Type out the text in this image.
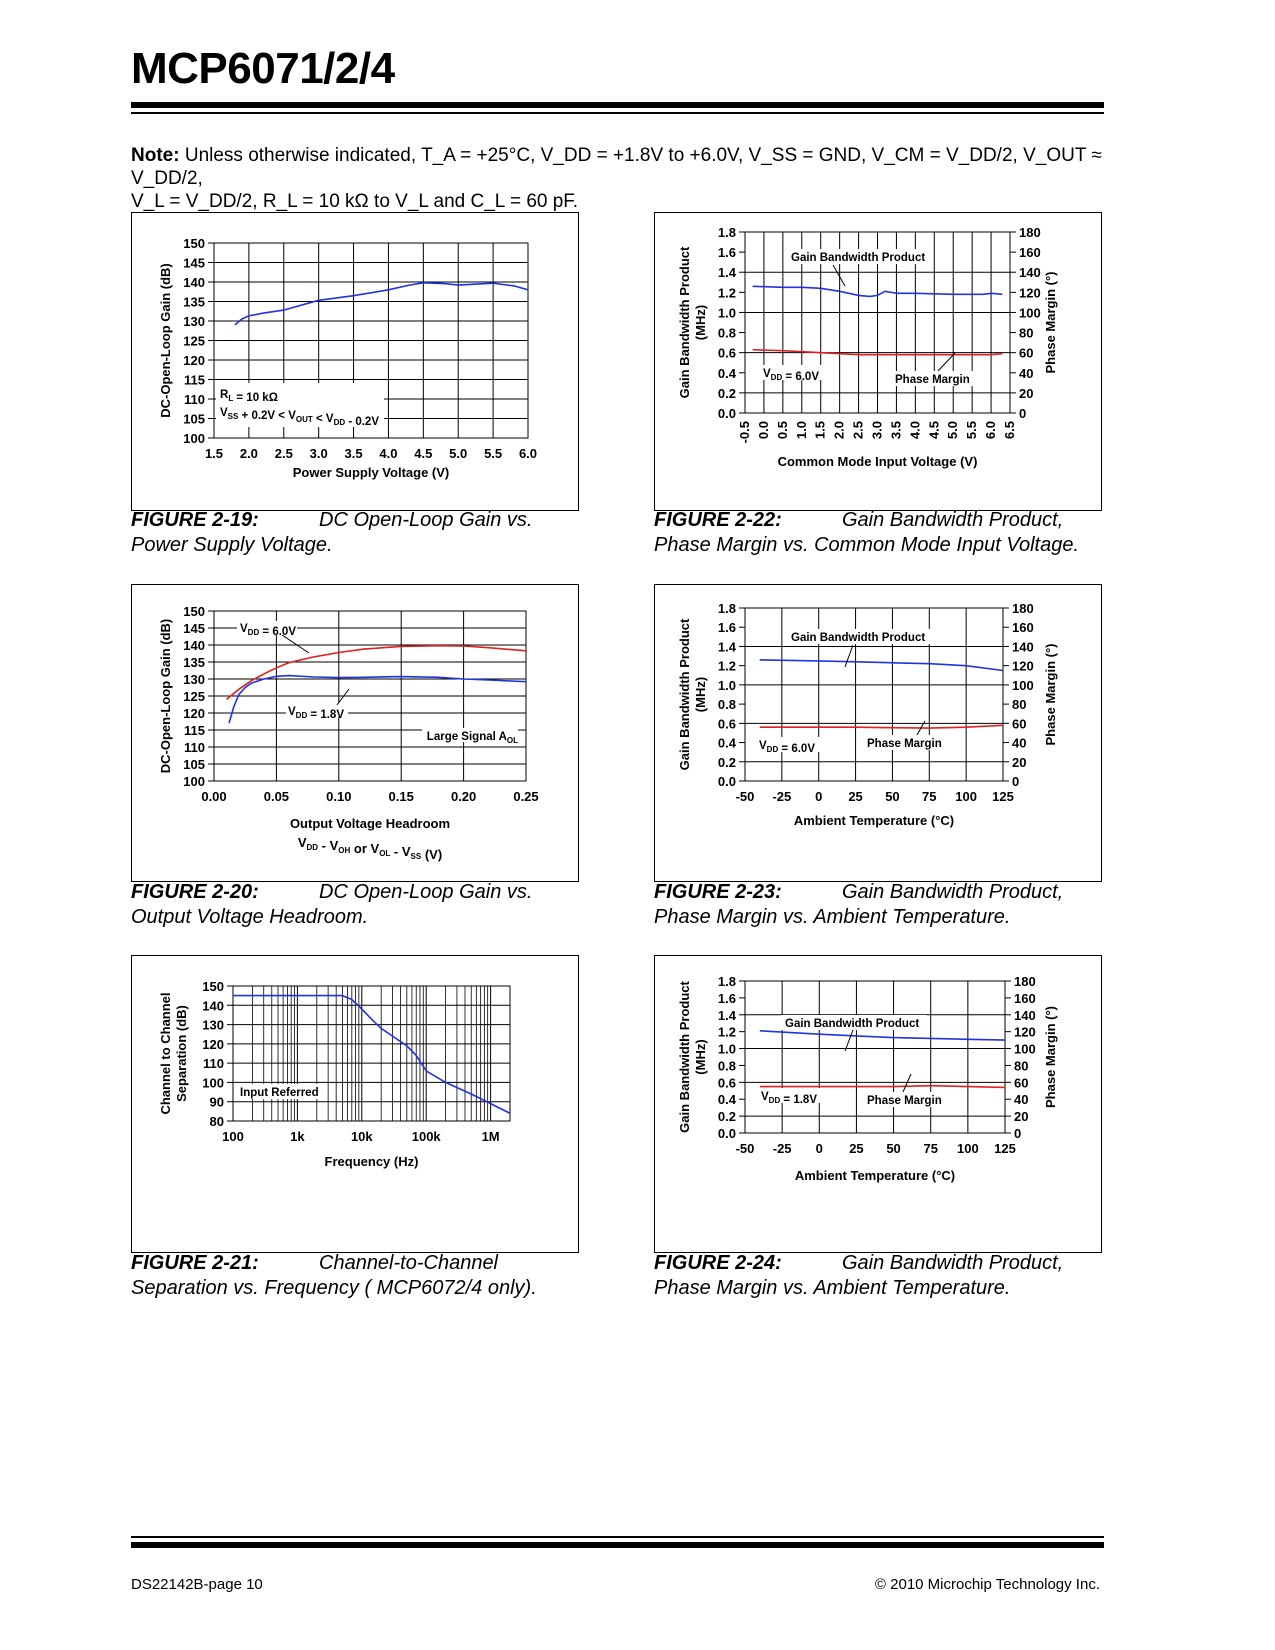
MCP6071/2/4
Note: Unless otherwise indicated, T_A = +25°C, V_DD = +1.8V to +6.0V, V_SS = GND, V_CM = V_DD/2, V_OUT ≈ V_DD/2,
V_L = V_DD/2, R_L = 10 kΩ to V_L and C_L = 60 pF.
1.5 2.0 2.5 3.0 3.5 4.0 4.5 5.0 5.5 6.0
100
105
110
115
120
125
130
135
140
145
150
Power Supply Voltage (V)
DC-Open-Loop Gain (dB)	$R_L = 10$ kΩ
$V_{SS} + 0.2V < V_{OUT} < V_{DD} - 0.2V$
0.00	0.05	0.10	0.15	0.20	0.25
100
105
110
115
120
125
130
135
140
145
150
Output Voltage Headroom
$V_{DD} - V_{OH}$ or $V_{OL} - V_{SS}$ (V)
DC-Open-Loop Gain (dB)	$V_{DD} = 6.0V$
$V_{DD} = 1.8V$
Large Signal $A_{OL}$
100	1k	10k	100k	1M
80
90
100
110
120
130
140
150
Frequency (Hz)
Channel to Channel Separation (dB)	Input Referred
-0.5 0.0 0.5 1.0 1.5 2.0 2.5 3.0 3.5 4.0 4.5 5.0 5.5 6.0 6.5
0.0
0.2
0.4
0.6
0.8
1.0
1.2
1.4
1.6
1.8
0
20
40
60
80
100
120
140
160
180
Common Mode Input Voltage (V)
Gain Bandwidth Product (MHz)	Phase Margin (°)
Gain Bandwidth Product
$V_{DD} = 6.0V$	Phase Margin
-50 -25 0 25 50 75 100 125
0.0
0.2
0.4
0.6
0.8
1.0
1.2
1.4
1.6
1.8
0
20
40
60
80
100
120
140
160
180
Ambient Temperature (°C)
Gain Bandwidth Product (MHz)	Phase Margin (°)
Gain Bandwidth Product
$V_{DD} = 6.0V$	Phase Margin
-50 -25 0 25 50 75 100 125
0.0
0.2
0.4
0.6
0.8
1.0
1.2
1.4
1.6
1.8
0
20
40
60
80
100
120
140
160
180
Ambient Temperature (°C)
Gain Bandwidth Product (MHz)	Phase Margin (°)
Gain Bandwidth Product
$V_{DD} = 1.8V$	Phase Margin
FIGURE 2-19:	DC Open-Loop Gain vs.
Power Supply Voltage.
FIGURE 2-20:	DC Open-Loop Gain vs.
Output Voltage Headroom.
FIGURE 2-21:	Channel-to-Channel
Separation vs. Frequency ( MCP6072/4 only).
FIGURE 2-22:	Gain Bandwidth Product,
Phase Margin vs. Common Mode Input Voltage.
FIGURE 2-23:	Gain Bandwidth Product,
Phase Margin vs. Ambient Temperature.
FIGURE 2-24:	Gain Bandwidth Product,
Phase Margin vs. Ambient Temperature.
DS22142B-page 10	© 2010 Microchip Technology Inc.
